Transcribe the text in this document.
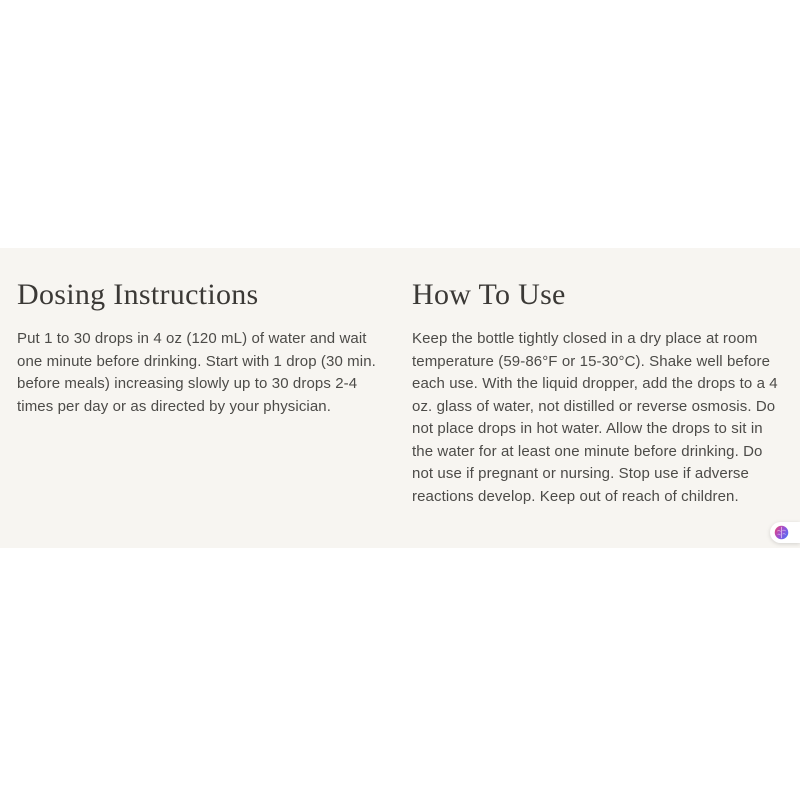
Dosing Instructions

Put 1 to 30 drops in 4 oz (120 mL) of water and wait one minute before drinking. Start with 1 drop (30 min. before meals) increasing slowly up to 30 drops 2-4 times per day or as directed by your physician.

How To Use

Keep the bottle tightly closed in a dry place at room temperature (59-86°F or 15-30°C). Shake well before each use. With the liquid dropper, add the drops to a 4 oz. glass of water, not distilled or reverse osmosis. Do not place drops in hot water. Allow the drops to sit in the water for at least one minute before drinking. Do not use if pregnant or nursing. Stop use if adverse reactions develop. Keep out of reach of children.
